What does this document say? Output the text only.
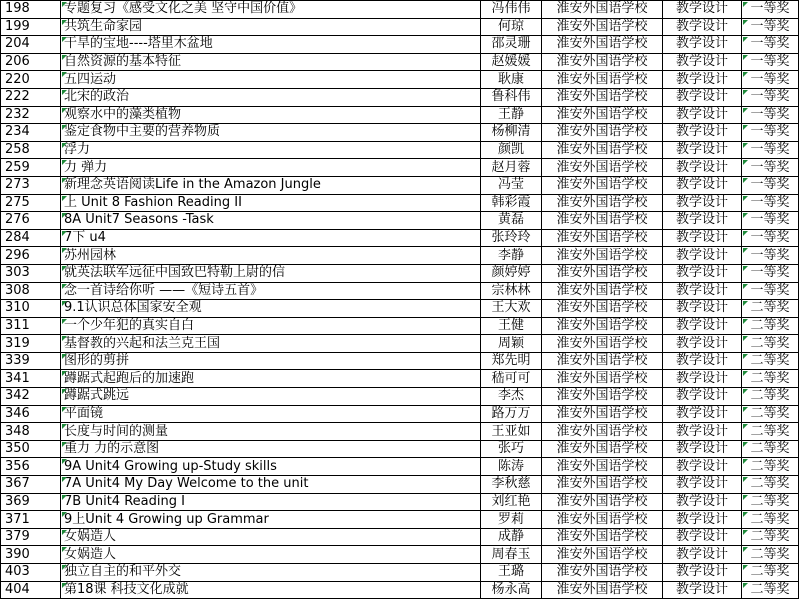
198	专题复习《感受文化之美 坚守中国价值》	冯伟伟	淮安外国语学校	教学设计	一等奖
199	共筑生命家园	何琼	淮安外国语学校	教学设计	一等奖
204	干旱的宝地----塔里木盆地	邵灵珊	淮安外国语学校	教学设计	一等奖
206	自然资源的基本特征	赵媛媛	淮安外国语学校	教学设计	一等奖
220	五四运动	耿康	淮安外国语学校	教学设计	一等奖
222	北宋的政治	鲁科伟	淮安外国语学校	教学设计	一等奖
232	观察水中的藻类植物	王静	淮安外国语学校	教学设计	一等奖
234	鉴定食物中主要的营养物质	杨柳清	淮安外国语学校	教学设计	一等奖
258	浮力	颜凯	淮安外国语学校	教学设计	一等奖
259	力 弹力	赵月蓉	淮安外国语学校	教学设计	一等奖
273	新理念英语阅读Life in the Amazon Jungle	冯莹	淮安外国语学校	教学设计	一等奖
275	上 Unit 8 Fashion Reading II	韩彩霞	淮安外国语学校	教学设计	一等奖
276	8A Unit7 Seasons -Task	黄磊	淮安外国语学校	教学设计	一等奖
284	7下 u4	张玲玲	淮安外国语学校	教学设计	一等奖
296	苏州园林	李静	淮安外国语学校	教学设计	一等奖
303	就英法联军远征中国致巴特勒上尉的信	颜婷婷	淮安外国语学校	教学设计	一等奖
308	念一首诗给你听 ——《短诗五首》	宗林林	淮安外国语学校	教学设计	一等奖
310	9.1认识总体国家安全观	王大欢	淮安外国语学校	教学设计	二等奖
311	一个少年犯的真实自白	王健	淮安外国语学校	教学设计	二等奖
319	基督教的兴起和法兰克王国	周颖	淮安外国语学校	教学设计	二等奖
339	图形的剪拼	郑先明	淮安外国语学校	教学设计	二等奖
341	蹲踞式起跑后的加速跑	嵇可可	淮安外国语学校	教学设计	二等奖
342	蹲踞式跳远	李杰	淮安外国语学校	教学设计	二等奖
346	平面镜	路万万	淮安外国语学校	教学设计	二等奖
348	长度与时间的测量	王亚如	淮安外国语学校	教学设计	二等奖
350	重力 力的示意图	张巧	淮安外国语学校	教学设计	二等奖
356	9A Unit4 Growing up-Study skills	陈涛	淮安外国语学校	教学设计	二等奖
367	7A Unit4 My Day Welcome to the unit	李秋慈	淮安外国语学校	教学设计	二等奖
369	7B Unit4 Reading I	刘红艳	淮安外国语学校	教学设计	二等奖
371	9上Unit 4 Growing up Grammar	罗莉	淮安外国语学校	教学设计	二等奖
379	女娲造人	成静	淮安外国语学校	教学设计	二等奖
390	女娲造人	周春玉	淮安外国语学校	教学设计	二等奖
403	独立自主的和平外交	王璐	淮安外国语学校	教学设计	二等奖
404	第18课 科技文化成就	杨永高	淮安外国语学校	教学设计	二等奖
